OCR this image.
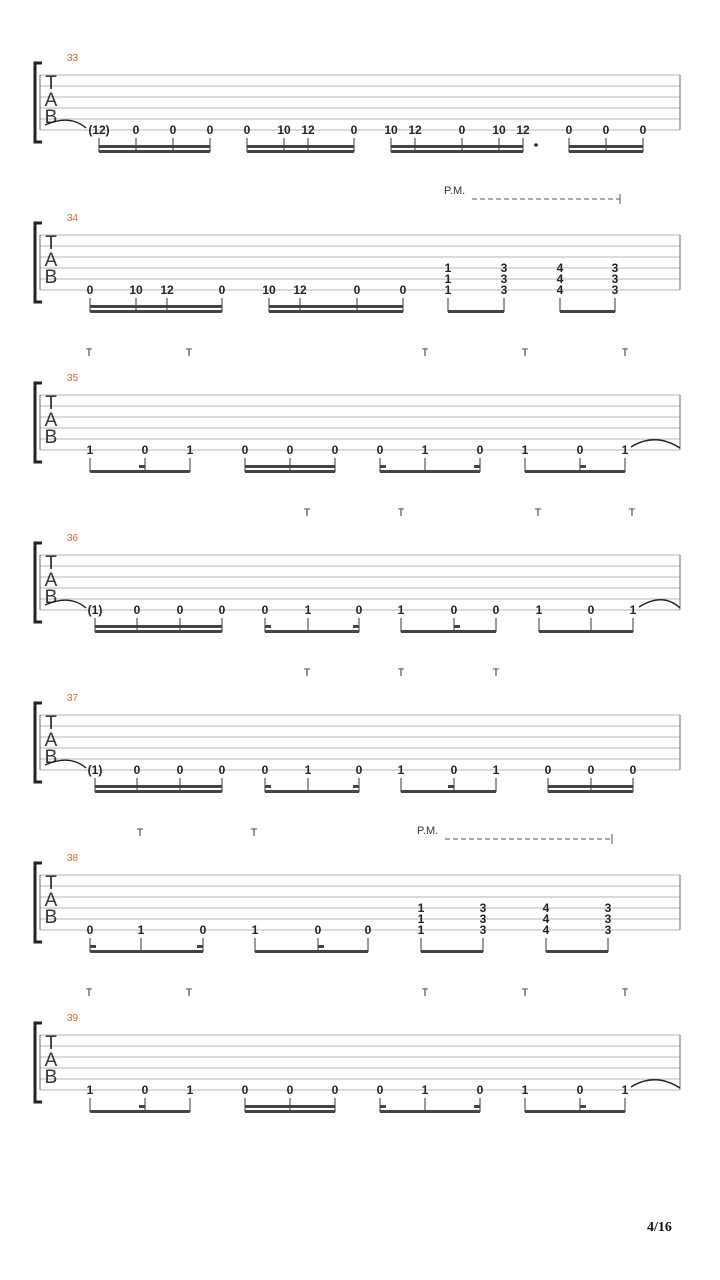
33
T
A
B
(12) 0	0	0	0 10 12	0 10 12	0 10 12	0	0	0
34
T
A
B
0	10 12	0	10 12	0	0
1
1
1
3
3
3
4
4
4
3
3
3
P.M.
35
T
A
B
1	0	1	0	0	0	0	1	0	1	0	1
T	T	T	T	T
36
T
A
B
(1)	0	0	0	0	1	0	1	0	0	1	0	1
T	T	T	T
37
T
A
B
(1)	0	0	0	0	1	0	1	0	1	0	0	0
T	T	T
38
T
A
B
0	1	0	1	0	0
1
1
1
3
3
3
4
4
4
3
3
3
T	T	P.M.
39
T
A
B
1	0	1	0	0	0	0	1	0	1	0	1
T	T	T	T	T
4/16
